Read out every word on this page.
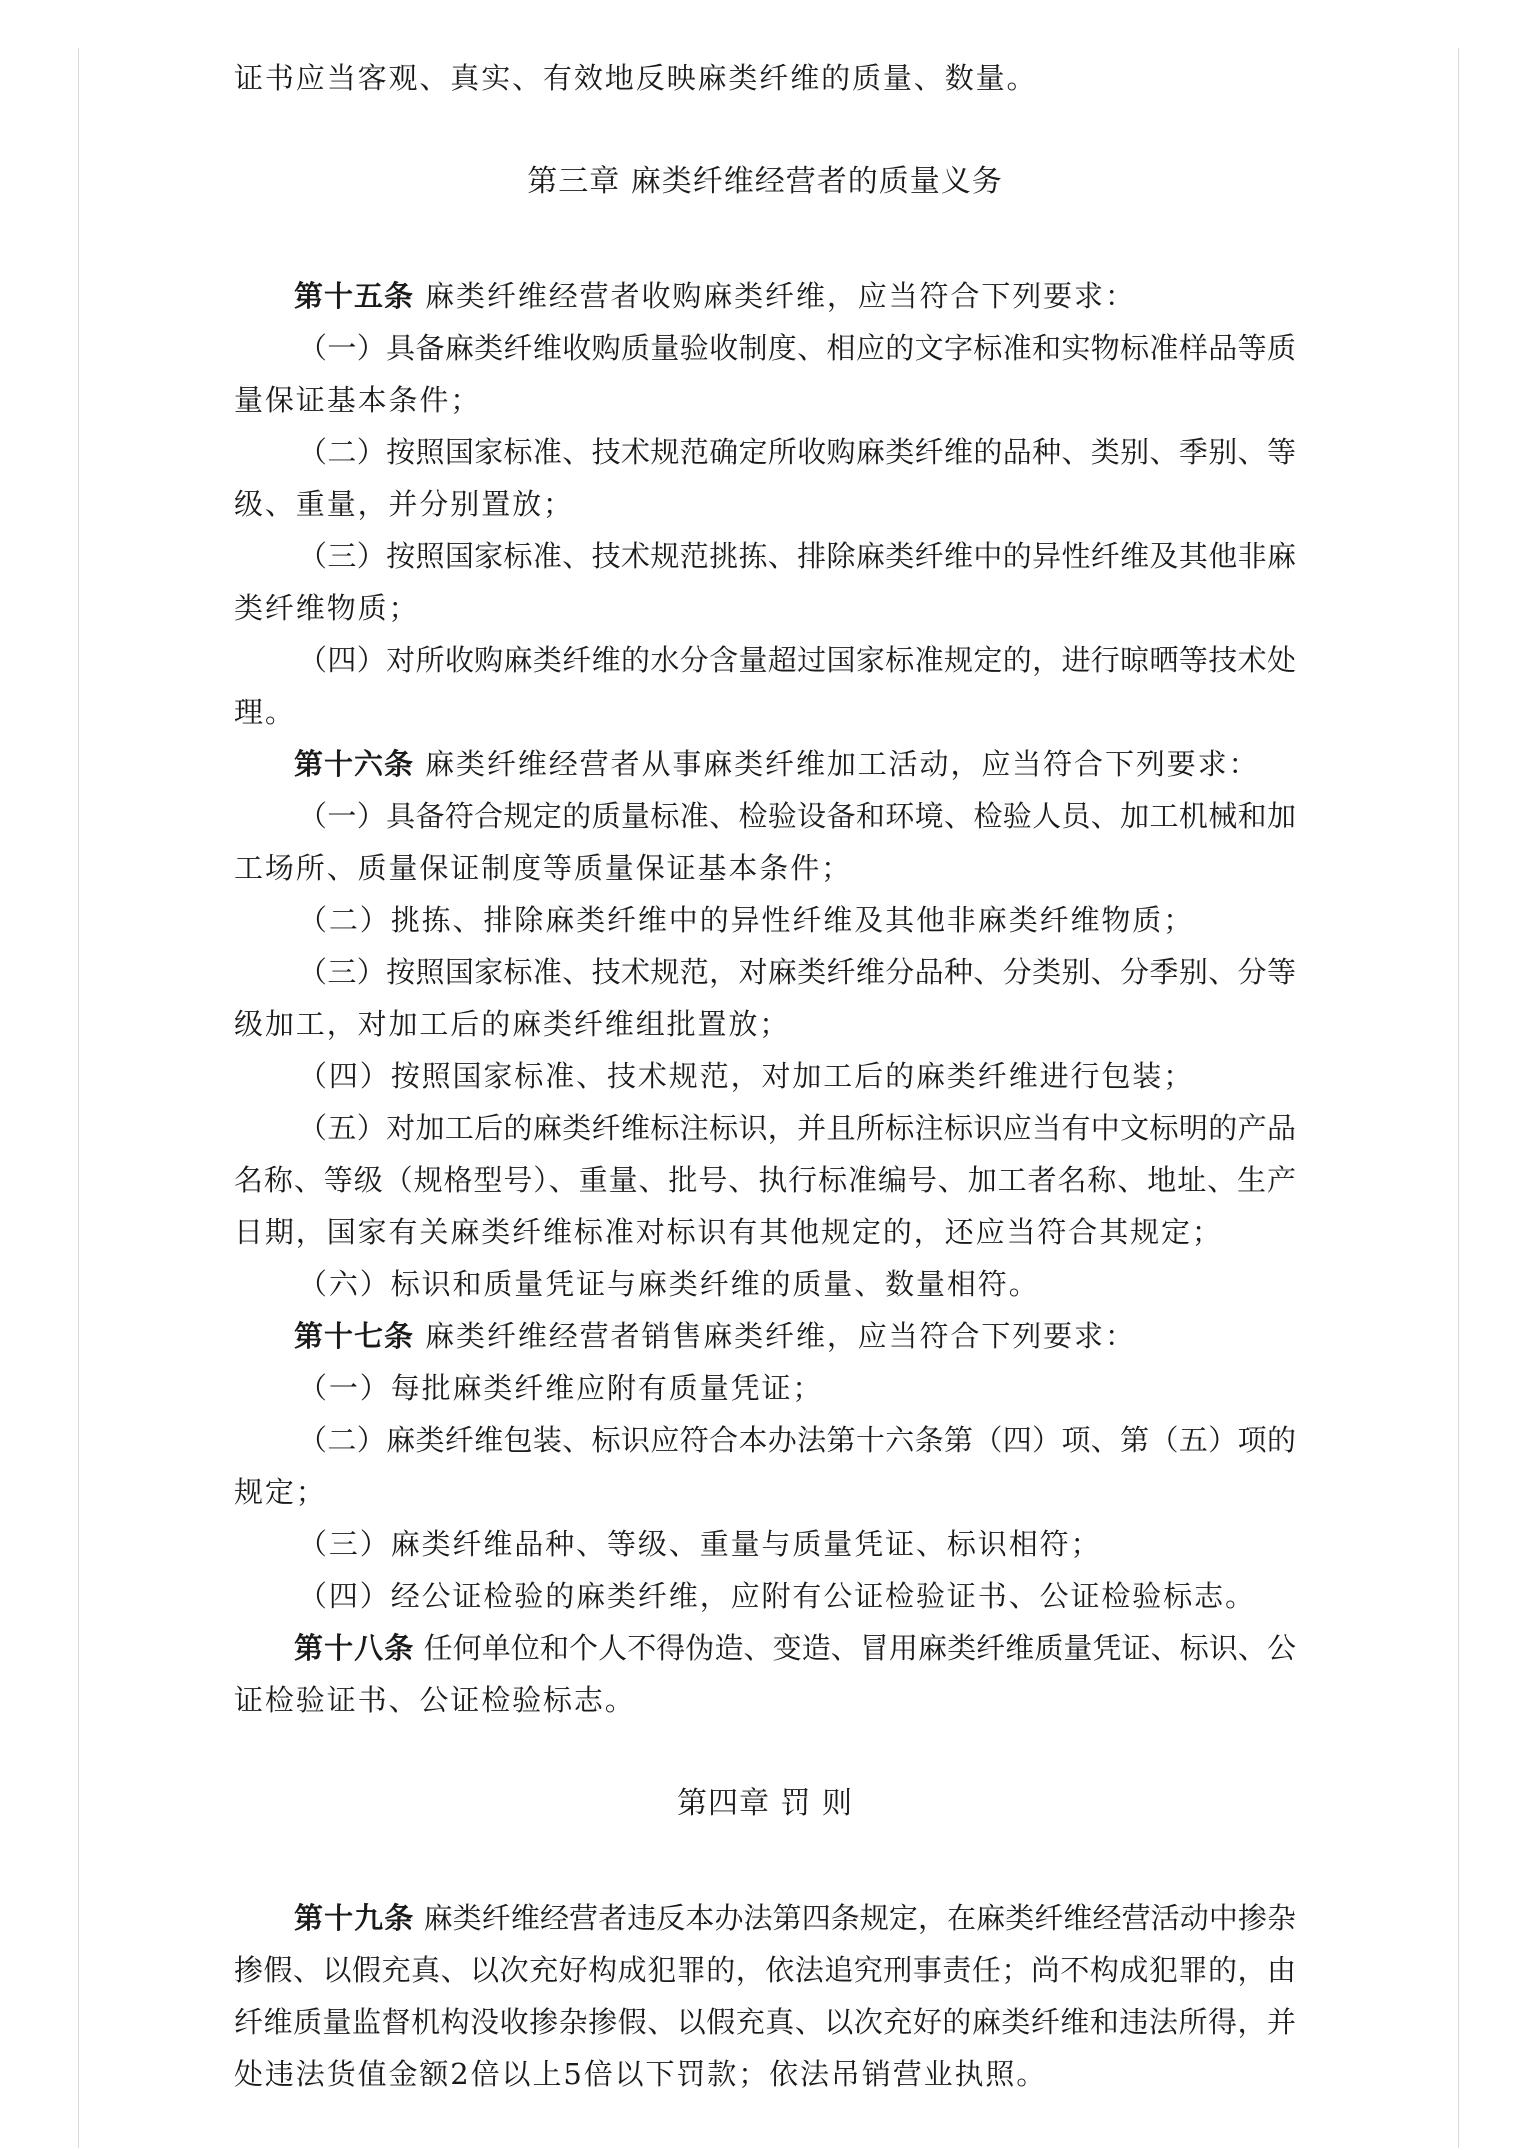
证书应当客观、真实、有效地反映麻类纤维的质量、数量。
第三章 麻类纤维经营者的质量义务
第十五条 麻类纤维经营者收购麻类纤维，应当符合下列要求：
（一）具备麻类纤维收购质量验收制度、相应的文字标准和实物标准样品等质
量保证基本条件；
（二）按照国家标准、技术规范确定所收购麻类纤维的品种、类别、季别、等
级、重量，并分别置放；
（三）按照国家标准、技术规范挑拣、排除麻类纤维中的异性纤维及其他非麻
类纤维物质；
（四）对所收购麻类纤维的水分含量超过国家标准规定的，进行晾晒等技术处
理。
第十六条 麻类纤维经营者从事麻类纤维加工活动，应当符合下列要求：
（一）具备符合规定的质量标准、检验设备和环境、检验人员、加工机械和加
工场所、质量保证制度等质量保证基本条件；
（二）挑拣、排除麻类纤维中的异性纤维及其他非麻类纤维物质；
（三）按照国家标准、技术规范，对麻类纤维分品种、分类别、分季别、分等
级加工，对加工后的麻类纤维组批置放；
（四）按照国家标准、技术规范，对加工后的麻类纤维进行包装；
（五）对加工后的麻类纤维标注标识，并且所标注标识应当有中文标明的产品
名称、等级（规格型号）、重量、批号、执行标准编号、加工者名称、地址、生产
日期，国家有关麻类纤维标准对标识有其他规定的，还应当符合其规定；
（六）标识和质量凭证与麻类纤维的质量、数量相符。
第十七条 麻类纤维经营者销售麻类纤维，应当符合下列要求：
（一）每批麻类纤维应附有质量凭证；
（二）麻类纤维包装、标识应符合本办法第十六条第（四）项、第（五）项的
规定；
（三）麻类纤维品种、等级、重量与质量凭证、标识相符；
（四）经公证检验的麻类纤维，应附有公证检验证书、公证检验标志。
第十八条 任何单位和个人不得伪造、变造、冒用麻类纤维质量凭证、标识、公
证检验证书、公证检验标志。
第四章 罚 则
第十九条 麻类纤维经营者违反本办法第四条规定，在麻类纤维经营活动中掺杂
掺假、以假充真、以次充好构成犯罪的，依法追究刑事责任；尚不构成犯罪的，由
纤维质量监督机构没收掺杂掺假、以假充真、以次充好的麻类纤维和违法所得，并
处违法货值金额2倍以上5倍以下罚款；依法吊销营业执照。
